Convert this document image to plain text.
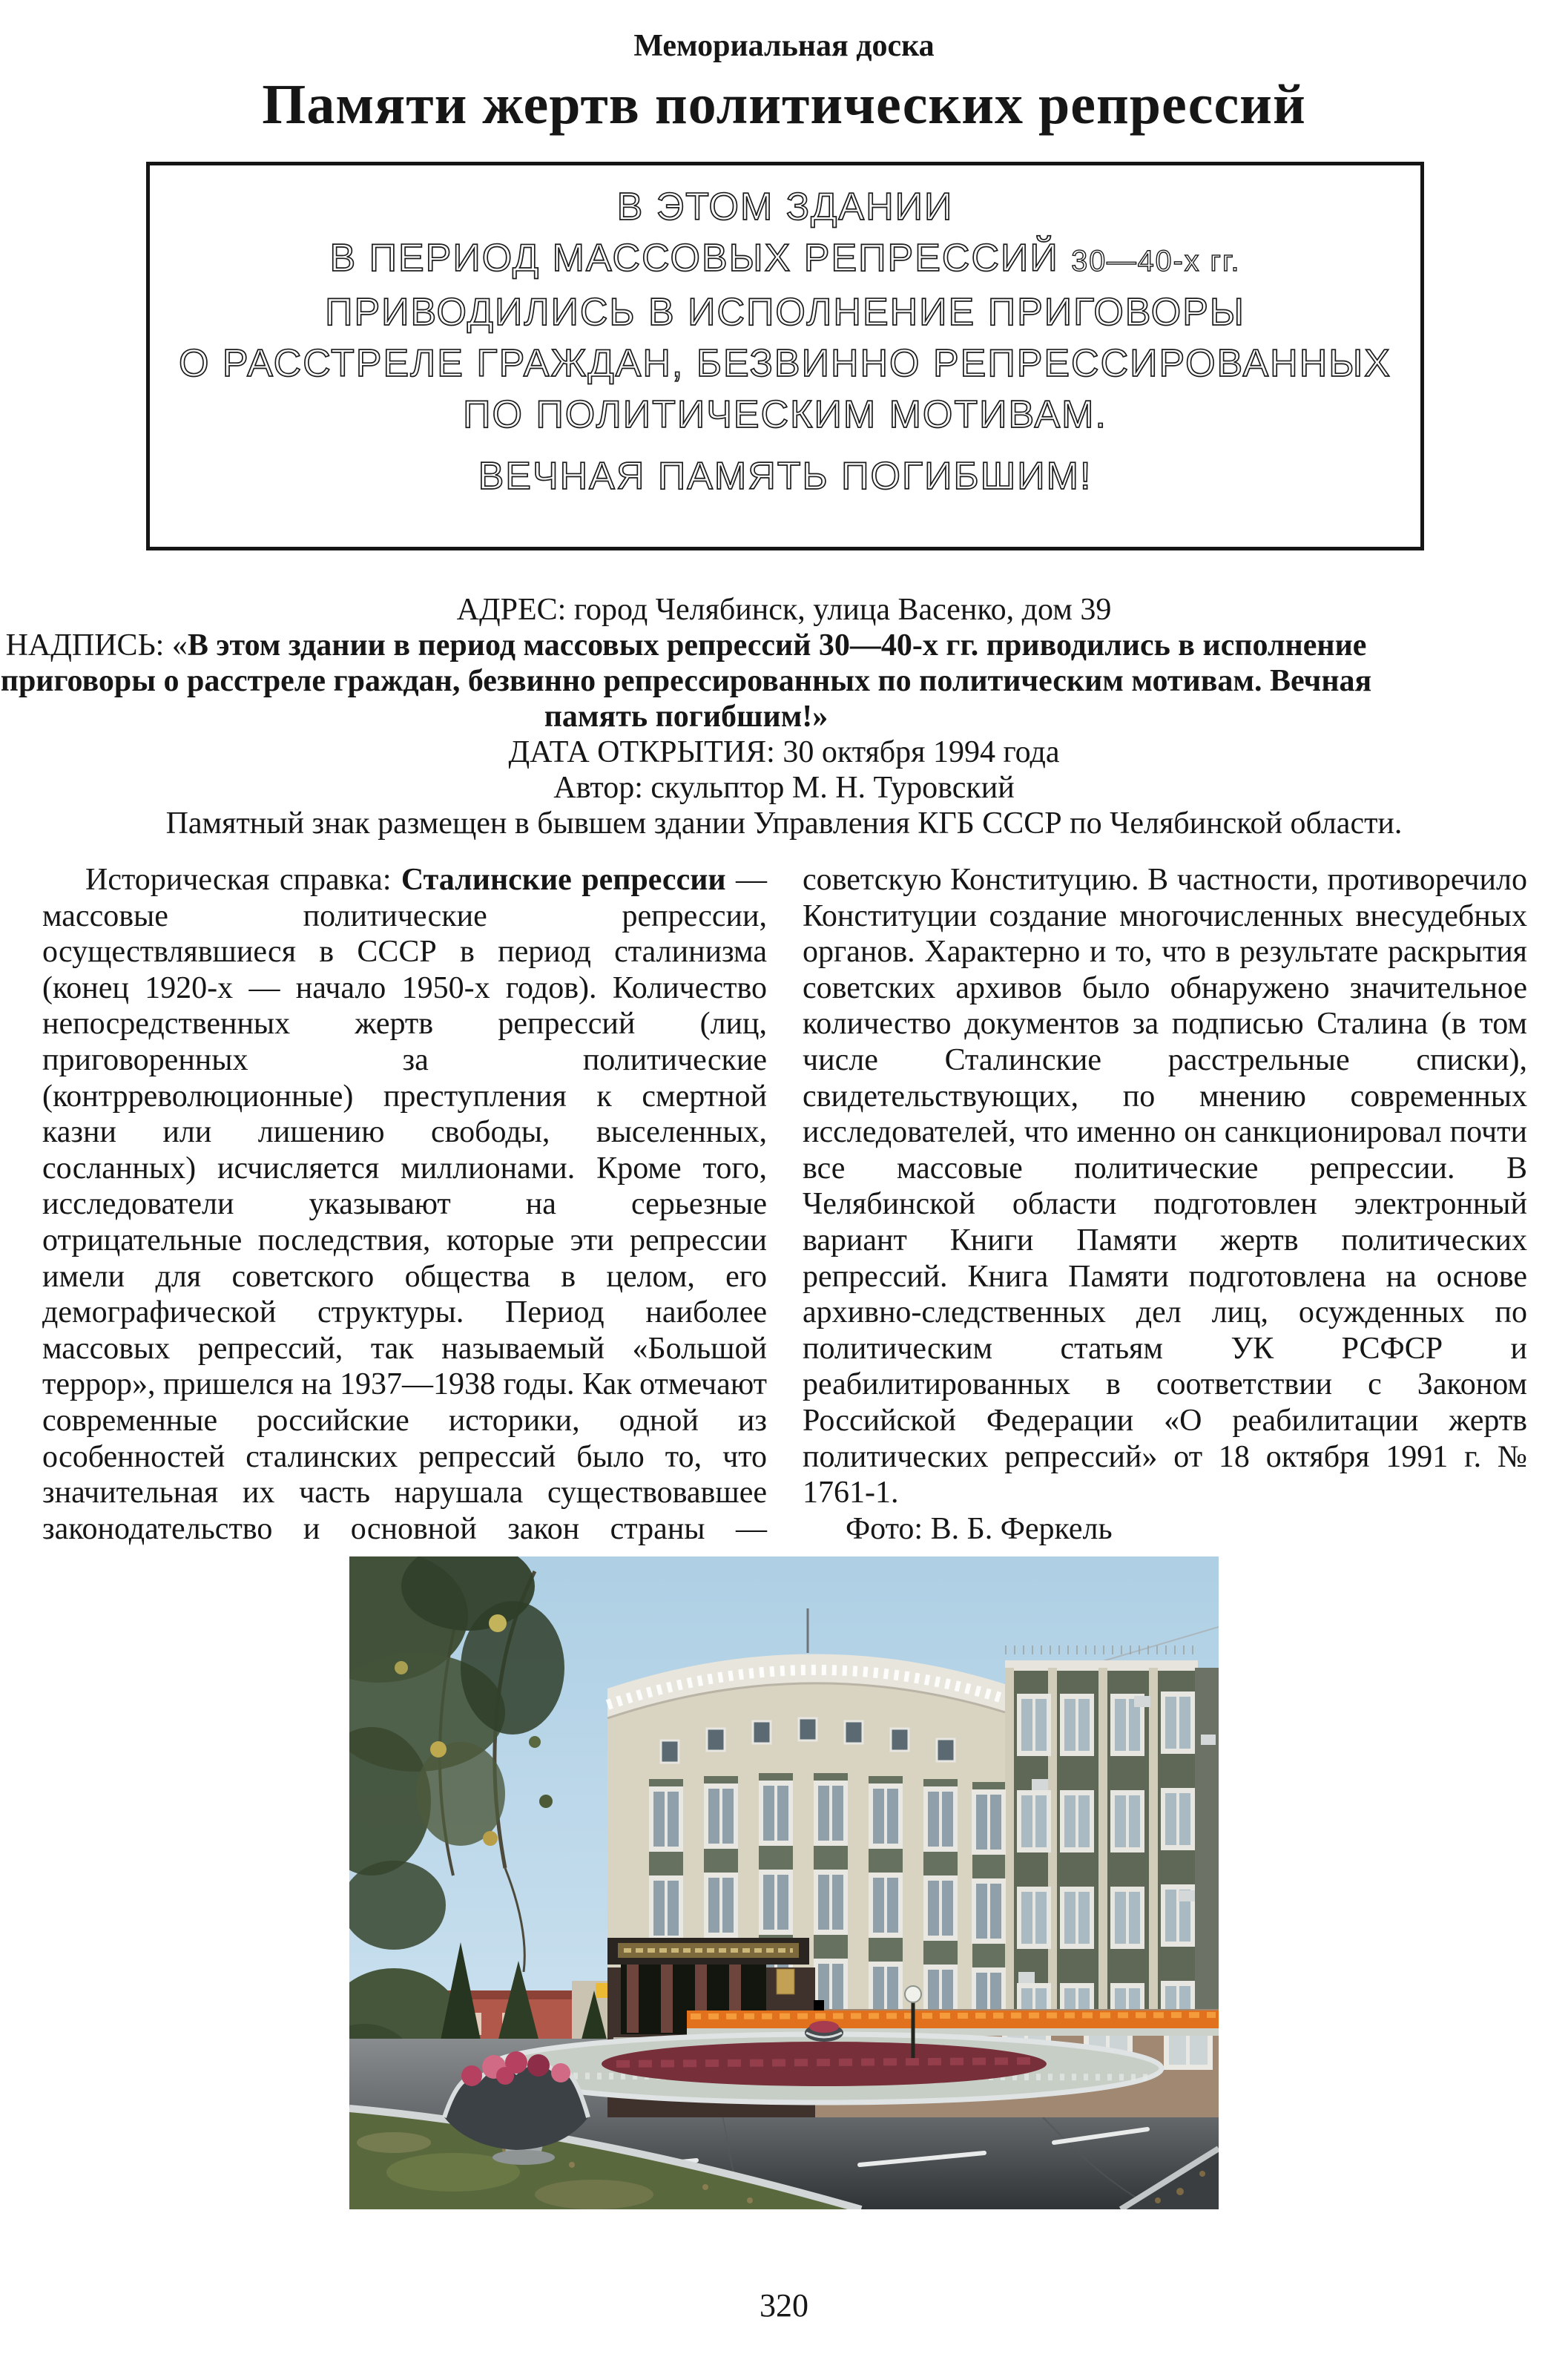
Мемориальная доска
Памяти жертв политических репрессий
В ЭТОМ ЗДАНИИ
В ПЕРИОД МАССОВЫХ РЕПРЕССИЙ 30—40-х гг.
ПРИВОДИЛИСЬ В ИСПОЛНЕНИЕ ПРИГОВОРЫ
О РАССТРЕЛЕ ГРАЖДАН, БЕЗВИННО РЕПРЕССИРОВАННЫХ
ПО ПОЛИТИЧЕСКИМ МОТИВАМ.
ВЕЧНАЯ ПАМЯТЬ ПОГИБШИМ!

АДРЕС: город Челябинск, улица Васенко, дом 39

НАДПИСЬ: «В этом здании в период массовых репрессий 30—40-х гг. приводились в исполнение приговоры о расстреле граждан, безвинно репрессированных по политическим мотивам. Вечная память погибшим!»

ДАТА ОТКРЫТИЯ: 30 октября 1994 года

Автор: скульптор М. Н. Туровский

Памятный знак размещен в бывшем здании Управления КГБ СССР по Челябинской области.

Историческая справка: Сталинские репрессии — массовые политические репрессии, осуществлявшиеся в СССР в период сталинизма (конец 1920-х — начало 1950-х годов). Количество непосредственных жертв репрессий (лиц, приговоренных за политические (контрреволюционные) преступления к смертной казни или лишению свободы, выселенных, сосланных) исчисляется миллионами. Кроме того, исследователи указывают на серьезные отрицательные последствия, которые эти репрессии имели для советского общества в целом, его демографической структуры. Период наиболее массовых репрессий, так называемый «Большой террор», пришелся на 1937—1938 годы. Как отмечают современные российские историки, одной из особенностей сталинских репрессий было то, что значительная их часть нарушала существовавшее законодательство и основной закон страны — советскую Конституцию. В частности, противоречило Конституции создание многочисленных внесудебных органов. Характерно и то, что в результате раскрытия советских архивов было обнаружено значительное количество документов за подписью Сталина (в том числе Сталинские расстрельные списки), свидетельствующих, по мнению современных исследователей, что именно он санкционировал почти все массовые политические репрессии. В Челябинской области подготовлен электронный вариант Книги Памяти жертв политических репрессий. Книга Памяти подготовлена на основе архивно-следственных дел лиц, осужденных по политическим статьям УК РСФСР и реабилитированных в соответствии с Законом Российской Федерации «О реабилитации жертв политических репрессий» от 18 октября 1991 г. № 1761-1.

Фото: В. Б. Феркель

320
